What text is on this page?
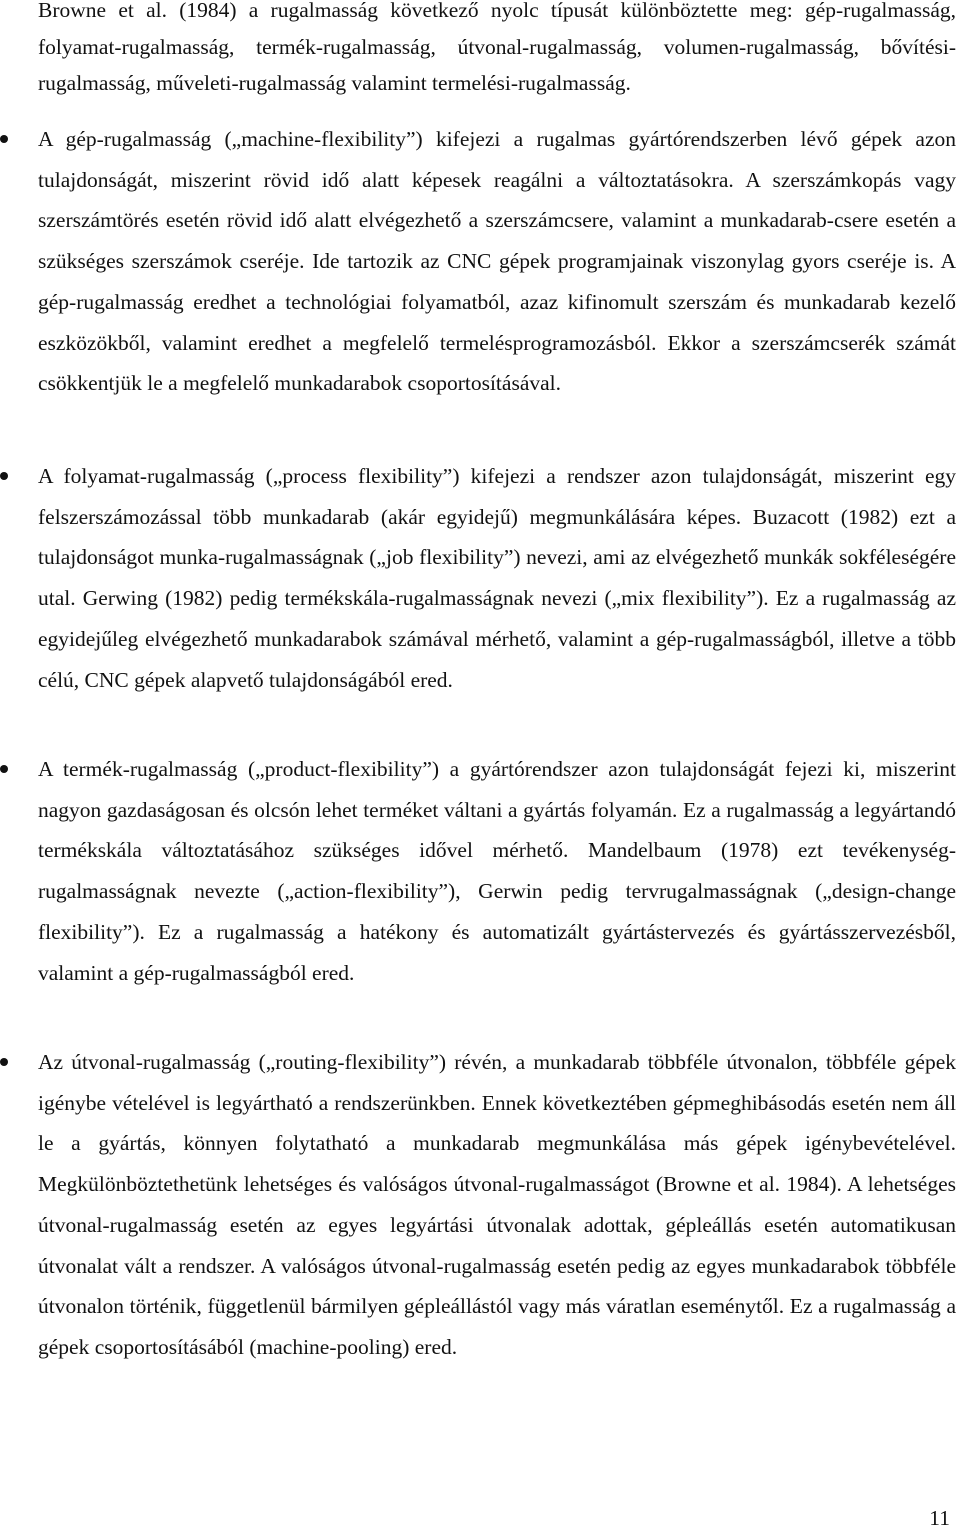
Browne et al. (1984) a rugalmasság következő nyolc típusát különböztette meg: gép-rugalmasság, folyamat-rugalmasság, termék-rugalmasság, útvonal-rugalmasság, volumen-rugalmasság, bővítési-rugalmasság, műveleti-rugalmasság valamint termelési-rugalmasság.

A gép-rugalmasság („machine-flexibility”) kifejezi a rugalmas gyártórendszerben lévő gépek azon tulajdonságát, miszerint rövid idő alatt képesek reagálni a változtatásokra. A szerszámkopás vagy szerszámtörés esetén rövid idő alatt elvégezhető a szerszámcsere, valamint a munkadarab-csere esetén a szükséges szerszámok cseréje. Ide tartozik az CNC gépek programjainak viszonylag gyors cseréje is. A gép-rugalmasság eredhet a technológiai folyamatból, azaz kifinomult szerszám és munkadarab kezelő eszközökből, valamint eredhet a megfelelő termelésprogramozásból. Ekkor a szerszámcserék számát csökkentjük le a megfelelő munkadarabok csoportosításával.
A folyamat-rugalmasság („process flexibility”) kifejezi a rendszer azon tulajdonságát, miszerint egy felszerszámozással több munkadarab (akár egyidejű) megmunkálására képes. Buzacott (1982) ezt a tulajdonságot munka-rugalmasságnak („job flexibility”) nevezi, ami az elvégezhető munkák sokféleségére utal. Gerwing (1982) pedig termékskála-rugalmasságnak nevezi („mix flexibility”). Ez a rugalmasság az egyidejűleg elvégezhető munkadarabok számával mérhető, valamint a gép-rugalmasságból, illetve a több célú, CNC gépek alapvető tulajdonságából ered.
A termék-rugalmasság („product-flexibility”) a gyártórendszer azon tulajdonságát fejezi ki, miszerint nagyon gazdaságosan és olcsón lehet terméket váltani a gyártás folyamán. Ez a rugalmasság a legyártandó termékskála változtatásához szükséges idővel mérhető. Mandelbaum (1978) ezt tevékenység-rugalmasságnak nevezte („action-flexibility”), Gerwin pedig tervrugalmasságnak („design-change flexibility”). Ez a rugalmasság a hatékony és automatizált gyártástervezés és gyártásszervezésből, valamint a gép-rugalmasságból ered.
Az útvonal-rugalmasság („routing-flexibility”) révén, a munkadarab többféle útvonalon, többféle gépek igénybe vételével is legyártható a rendszerünkben. Ennek következtében gépmeghibásodás esetén nem áll le a gyártás, könnyen folytatható a munkadarab megmunkálása más gépek igénybevételével. Megkülönböztethetünk lehetséges és valóságos útvonal-rugalmasságot (Browne et al. 1984). A lehetséges útvonal-rugalmasság esetén az egyes legyártási útvonalak adottak, gépleállás esetén automatikusan útvonalat vált a rendszer. A valóságos útvonal-rugalmasság esetén pedig az egyes munkadarabok többféle útvonalon történik, függetlenül bármilyen gépleállástól vagy más váratlan eseménytől. Ez a rugalmasság a gépek csoportosításából (machine-pooling) ered.
11
